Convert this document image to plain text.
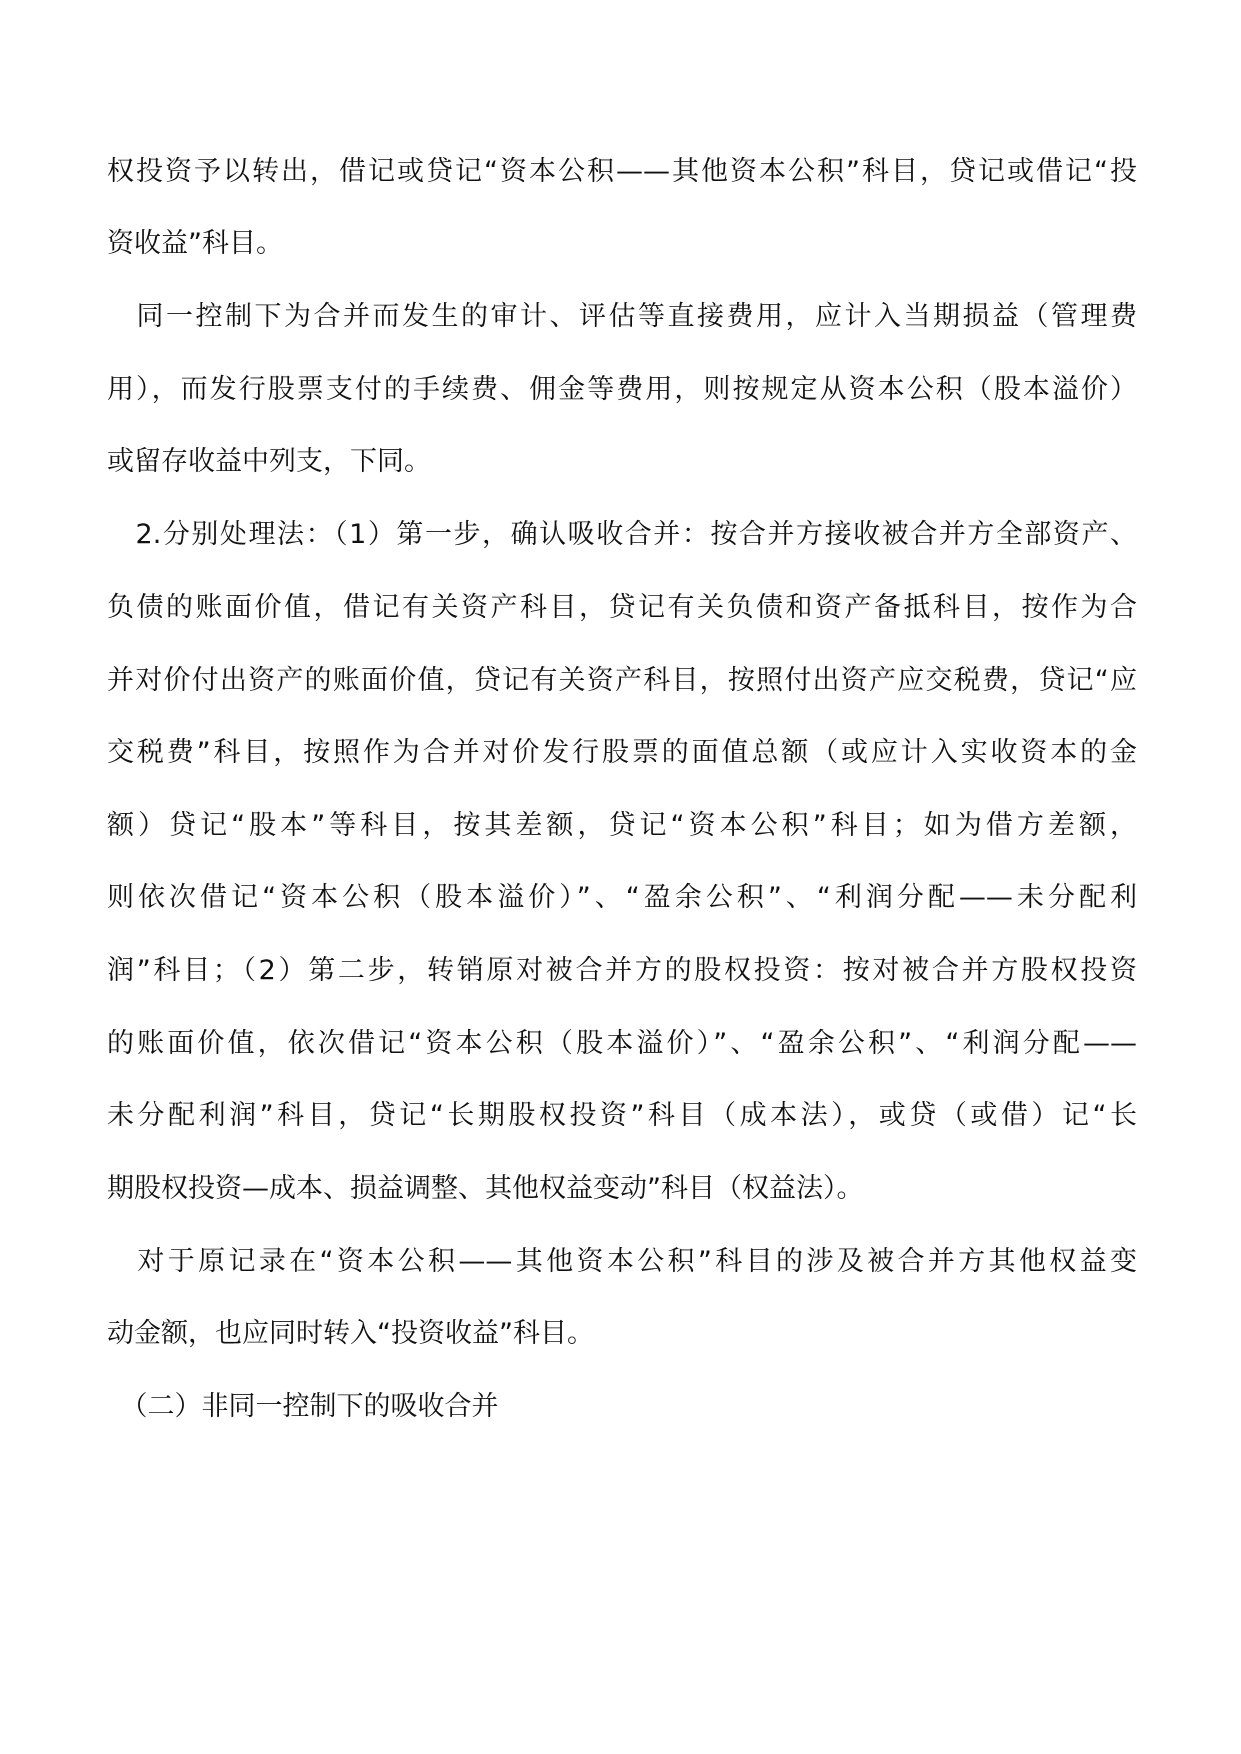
权投资予以转出，借记或贷记“资本公积——其他资本公积”科目，贷记或借记“投
资收益”科目。
　同一控制下为合并而发生的审计、评估等直接费用，应计入当期损益（管理费
用），而发行股票支付的手续费、佣金等费用，则按规定从资本公积（股本溢价）
或留存收益中列支，下同。
　2.分别处理法：（1）第一步，确认吸收合并：按合并方接收被合并方全部资产、
负债的账面价值，借记有关资产科目，贷记有关负债和资产备抵科目，按作为合
并对价付出资产的账面价值，贷记有关资产科目，按照付出资产应交税费，贷记“应
交税费”科目，按照作为合并对价发行股票的面值总额（或应计入实收资本的金
额）贷记“股本”等科目，按其差额，贷记“资本公积”科目；如为借方差额，
则依次借记“资本公积（股本溢价）”、“盈余公积”、“利润分配——未分配利
润”科目；（2）第二步，转销原对被合并方的股权投资：按对被合并方股权投资
的账面价值，依次借记“资本公积（股本溢价）”、“盈余公积”、“利润分配——
未分配利润”科目，贷记“长期股权投资”科目（成本法），或贷（或借）记“长
期股权投资—成本、损益调整、其他权益变动”科目（权益法）。
　对于原记录在“资本公积——其他资本公积”科目的涉及被合并方其他权益变
动金额，也应同时转入“投资收益”科目。
　（二）非同一控制下的吸收合并
